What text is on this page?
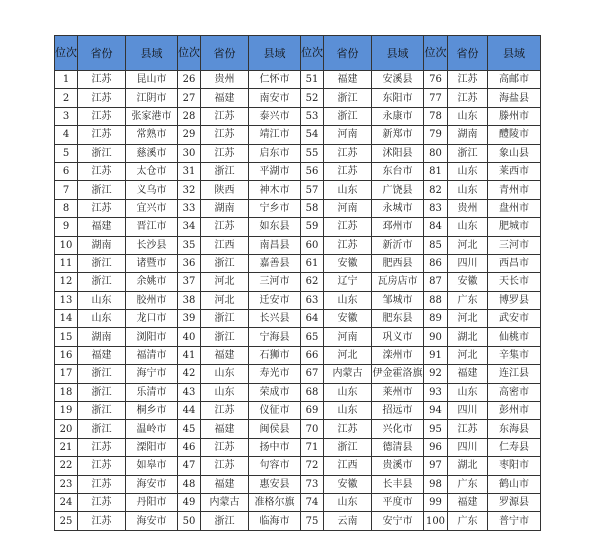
位次	省份	县域	位次	省份	县域	位次	省份	县域	位次	省份	县域
1	江苏	昆山市	26	贵州	仁怀市	51	福建	安溪县	76	江苏	高邮市
2	江苏	江阴市	27	福建	南安市	52	浙江	东阳市	77	江苏	海盐县
3	江苏	张家港市	28	江苏	泰兴市	53	浙江	永康市	78	山东	滕州市
4	江苏	常熟市	29	江苏	靖江市	54	河南	新郑市	79	湖南	醴陵市
5	浙江	慈溪市	30	江苏	启东市	55	江苏	沭阳县	80	浙江	象山县
6	江苏	太仓市	31	浙江	平湖市	56	江苏	东台市	81	山东	莱西市
7	浙江	义乌市	32	陕西	神木市	57	山东	广饶县	82	山东	青州市
8	江苏	宜兴市	33	湖南	宁乡市	58	河南	永城市	83	贵州	盘州市
9	福建	晋江市	34	江苏	如东县	59	江苏	邳州市	84	山东	肥城市
10	湖南	长沙县	35	江西	南昌县	60	江苏	新沂市	85	河北	三河市
11	浙江	诸暨市	36	浙江	嘉善县	61	安徽	肥西县	86	四川	西昌市
12	浙江	余姚市	37	河北	三河市	62	辽宁	瓦房店市	87	安徽	天长市
13	山东	胶州市	38	河北	迁安市	63	山东	邹城市	88	广东	博罗县
14	山东	龙口市	39	浙江	长兴县	64	安徽	肥东县	89	河北	武安市
15	湖南	浏阳市	40	浙江	宁海县	65	河南	巩义市	90	湖北	仙桃市
16	福建	福清市	41	福建	石狮市	66	河北	滦州市	91	河北	辛集市
17	浙江	海宁市	42	山东	寿光市	67	内蒙古	伊金霍洛旗	92	福建	连江县
18	浙江	乐清市	43	山东	荣成市	68	山东	莱州市	93	山东	高密市
19	浙江	桐乡市	44	江苏	仪征市	69	山东	招远市	94	四川	彭州市
20	浙江	温岭市	45	福建	闽侯县	70	江苏	兴化市	95	江苏	东海县
21	江苏	溧阳市	46	江苏	扬中市	71	浙江	德清县	96	四川	仁寿县
22	江苏	如皋市	47	江苏	句容市	72	江西	贵溪市	97	湖北	枣阳市
23	江苏	海安市	48	福建	惠安县	73	安徽	长丰县	98	广东	鹤山市
24	江苏	丹阳市	49	内蒙古	准格尔旗	74	山东	平度市	99	福建	罗源县
25	江苏	海安市	50	浙江	临海市	75	云南	安宁市	100	广东	普宁市
